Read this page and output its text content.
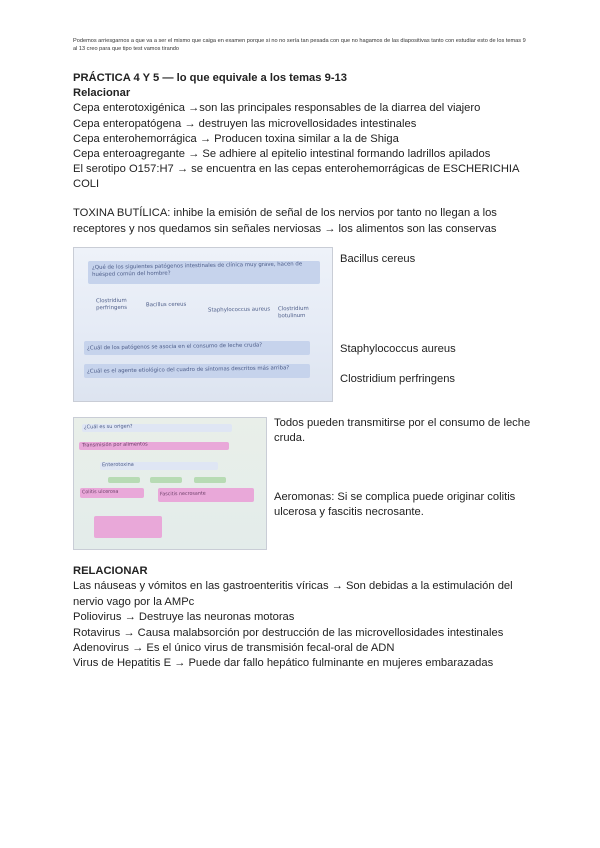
Podemos arriesgarnos a que va a ser el mismo que caiga en examen porque si no no sería tan pesada con que no hagamos de las diapositivas tanto con estudiar esto de los temas 9 al 13 creo para que tipo test vamos tirando
PRÁCTICA 4 Y 5 — lo que equivale a los temas 9-13
Relacionar
Cepa enterotoxigénica →son las principales responsables de la diarrea del viajero
Cepa enteropatógena → destruyen las microvellosidades intestinales
Cepa enterohemorrágica → Producen toxina similar a la de Shiga
Cepa enteroagregante → Se adhiere al epitelio intestinal formando ladrillos apilados
El serotipo O157:H7 → se encuentra en las cepas enterohemorrágicas de ESCHERICHIA COLI
TOXINA BUTÍLICA: inhibe la emisión de señal de los nervios por tanto no llegan a los receptores y nos quedamos sin señales nerviosas → los alimentos son las conservas
¿Qué de los siguientes patógenos intestinales de clínica muy grave, hacen de huésped común del hombre?
Clostridium perfringens	Bacillus cereus
Staphylococcus aureus Clostridium botulinum
¿Cuál de los patógenos se asocia en el consumo de leche cruda?
¿Cuál es el agente etiológico del cuadro de síntomas descritos más arriba?
Bacillus cereus
Staphylococcus aureus
Clostridium perfringens
¿Cuál es su origen?
Transmisión por alimentos
Enterotoxina
Colitis ulcerosa	Fascitis necrosante
Todos pueden transmitirse por el consumo de leche cruda.
Aeromonas: Si se complica puede originar colitis ulcerosa y fascitis necrosante.
RELACIONAR
Las náuseas y vómitos en las gastroenteritis víricas → Son debidas a la estimulación del nervio vago por la AMPc
Poliovirus → Destruye las neuronas motoras
Rotavirus → Causa malabsorción por destrucción de las microvellosidades intestinales
Adenovirus → Es el único virus de transmisión fecal-oral de ADN
Virus de Hepatitis E → Puede dar fallo hepático fulminante en mujeres embarazadas
